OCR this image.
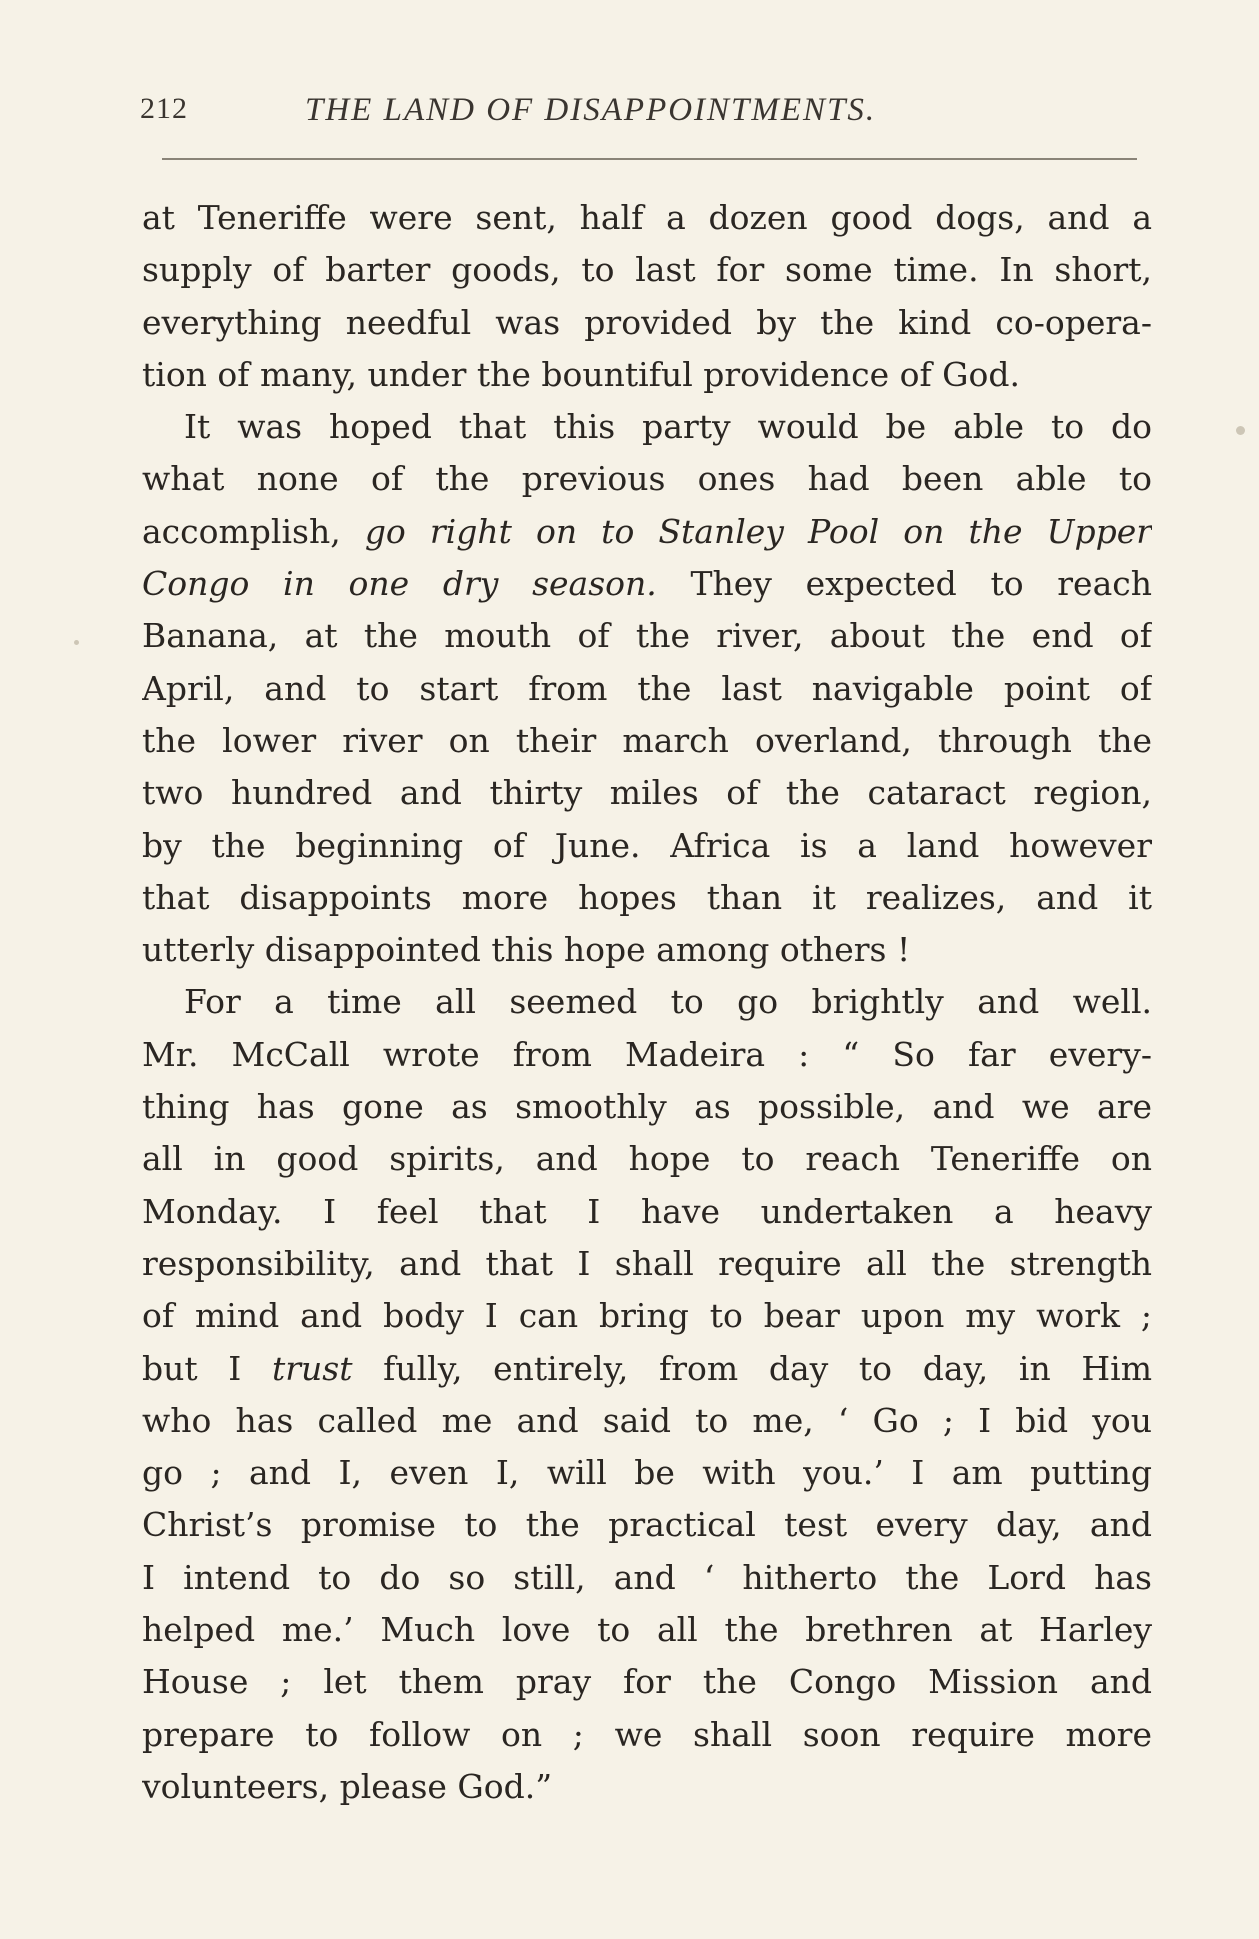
212	THE LAND OF DISAPPOINTMENTS.
at Teneriffe were sent, half a dozen good dogs, and a
supply of barter goods, to last for some time. In short,
everything needful was provided by the kind co-opera-
tion of many, under the bountiful providence of God.
It was hoped that this party would be able to do
what none of the previous ones had been able to
accomplish, go right on to Stanley Pool on the Upper
Congo in one dry season. They expected to reach
Banana, at the mouth of the river, about the end of
April, and to start from the last navigable point of
the lower river on their march overland, through the
two hundred and thirty miles of the cataract region,
by the beginning of June. Africa is a land however
that disappoints more hopes than it realizes, and it
utterly disappointed this hope among others !
For a time all seemed to go brightly and well.
Mr. McCall wrote from Madeira : “ So far every-
thing has gone as smoothly as possible, and we are
all in good spirits, and hope to reach Teneriffe on
Monday. I feel that I have undertaken a heavy
responsibility, and that I shall require all the strength
of mind and body I can bring to bear upon my work ;
but I trust fully, entirely, from day to day, in Him
who has called me and said to me, ‘ Go ; I bid you
go ; and I, even I, will be with you.’ I am putting
Christ’s promise to the practical test every day, and
I intend to do so still, and ‘ hitherto the Lord has
helped me.’ Much love to all the brethren at Harley
House ; let them pray for the Congo Mission and
prepare to follow on ; we shall soon require more
volunteers, please God.”
